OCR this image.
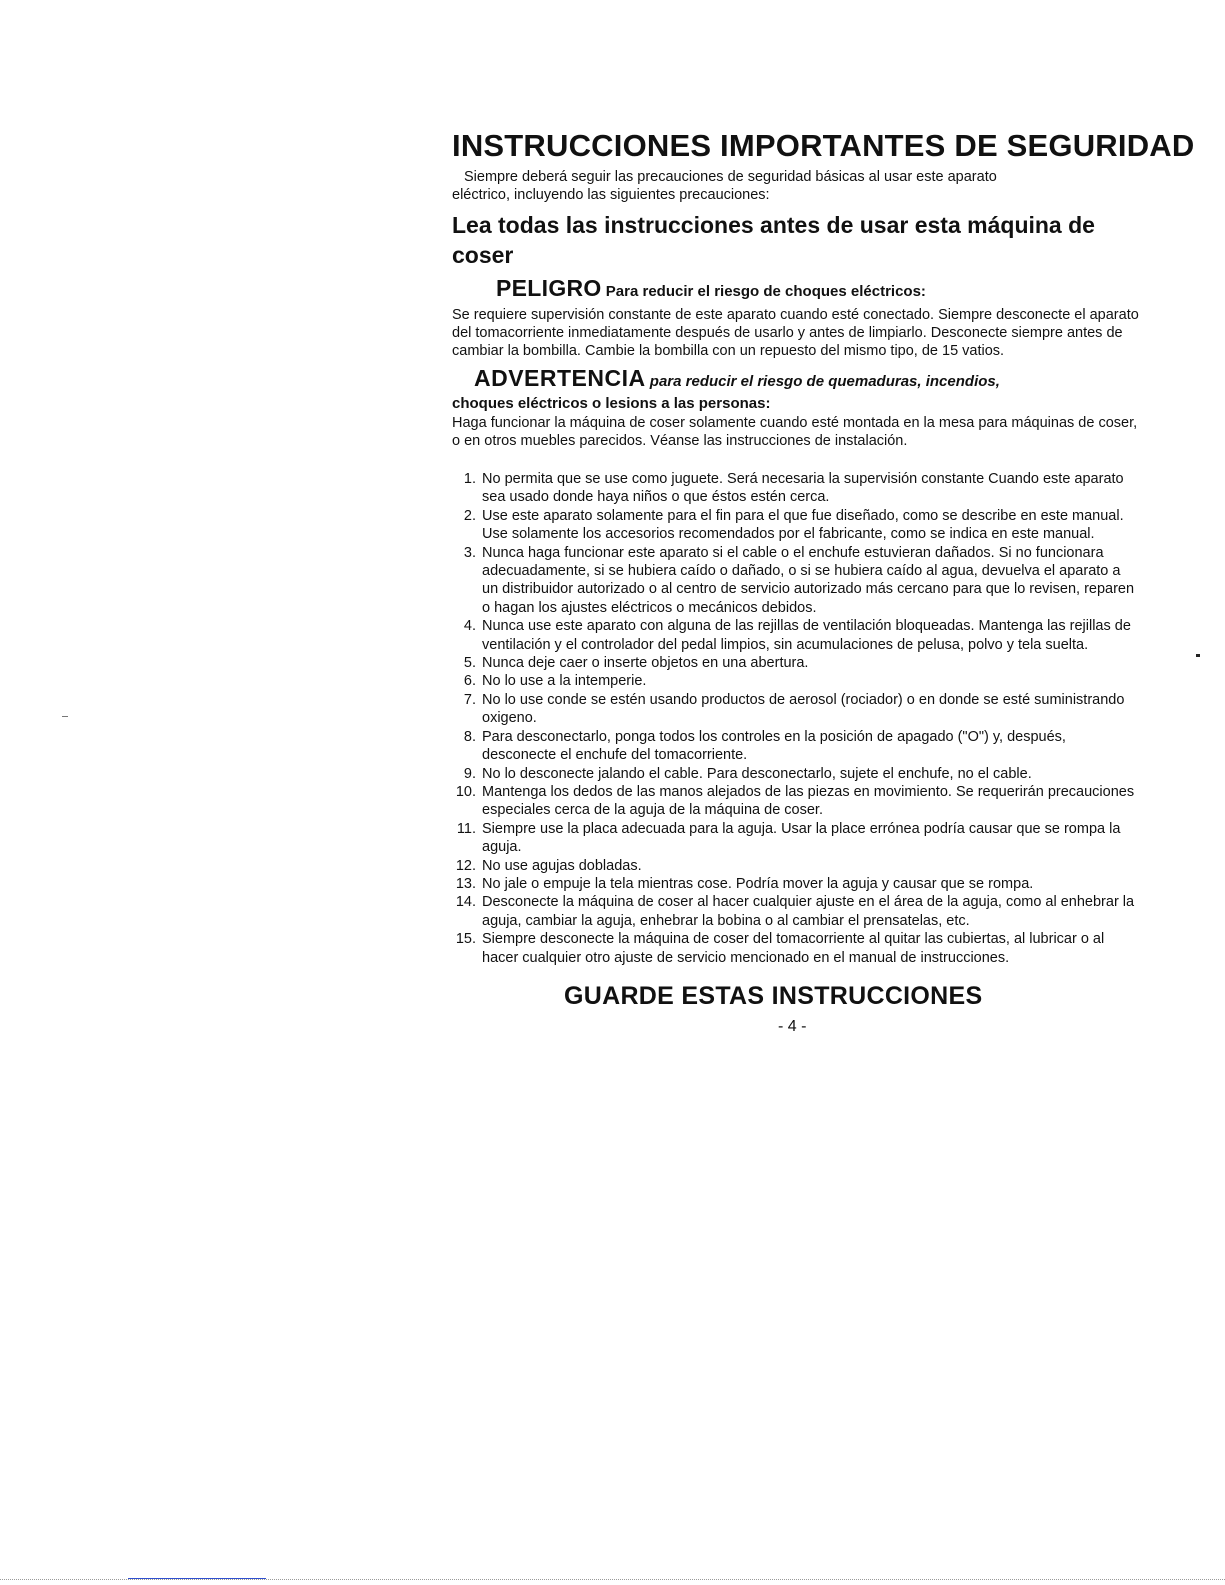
INSTRUCCIONES IMPORTANTES DE SEGURIDAD
Siempre deberá seguir las precauciones de seguridad básicas al usar este aparato
eléctrico, incluyendo las siguientes precauciones:
Lea todas las instrucciones antes de usar esta máquina de coser
PELIGRO Para reducir el riesgo de choques eléctricos:

Se requiere supervisión constante de este aparato cuando esté conectado. Siempre desconecte el aparato del tomacorriente inmediatamente después de usarlo y antes de limpiarlo. Desconecte siempre antes de cambiar la bombilla. Cambie la bombilla con un repuesto del mismo tipo, de 15 vatios.

ADVERTENCIA para reducir el riesgo de quemaduras, incendios,
choques eléctricos o lesions a las personas:

Haga funcionar la máquina de coser solamente cuando esté montada en la mesa para máquinas de coser, o en otros muebles parecidos. Véanse las instrucciones de instalación.

1. No permita que se use como juguete. Será necesaria la supervisión constante Cuando este aparato sea usado donde haya niños o que éstos estén cerca.
2. Use este aparato solamente para el fin para el que fue diseñado, como se describe en este manual. Use solamente los accesorios recomendados por el fabricante, como se indica en este manual.
3. Nunca haga funcionar este aparato si el cable o el enchufe estuvieran dañados. Si no funcionara adecuadamente, si se hubiera caído o dañado, o si se hubiera caído al agua, devuelva el aparato a un distribuidor autorizado o al centro de servicio autorizado más cercano para que lo revisen, reparen o hagan los ajustes eléctricos o mecánicos debidos.
4. Nunca use este aparato con alguna de las rejillas de ventilación bloqueadas. Mantenga las rejillas de ventilación y el controlador del pedal limpios, sin acumulaciones de pelusa, polvo y tela suelta.
5. Nunca deje caer o inserte objetos en una abertura.
6. No lo use a la intemperie.
7. No lo use conde se estén usando productos de aerosol (rociador) o en donde se esté suministrando oxigeno.
8. Para desconectarlo, ponga todos los controles en la posición de apagado ("O") y, después, desconecte el enchufe del tomacorriente.
9. No lo desconecte jalando el cable. Para desconectarlo, sujete el enchufe, no el cable.
10. Mantenga los dedos de las manos alejados de las piezas en movimiento. Se requerirán precauciones especiales cerca de la aguja de la máquina de coser.
11. Siempre use la placa adecuada para la aguja. Usar la place errónea podría causar que se rompa la aguja.
12. No use agujas dobladas.
13. No jale o empuje la tela mientras cose. Podría mover la aguja y causar que se rompa.
14. Desconecte la máquina de coser al hacer cualquier ajuste en el área de la aguja, como al enhebrar la aguja, cambiar la aguja, enhebrar la bobina o al cambiar el prensatelas, etc.
15. Siempre desconecte la máquina de coser del tomacorriente al quitar las cubiertas, al lubricar o al hacer cualquier otro ajuste de servicio mencionado en el manual de instrucciones.
GUARDE ESTAS INSTRUCCIONES
- 4 -
